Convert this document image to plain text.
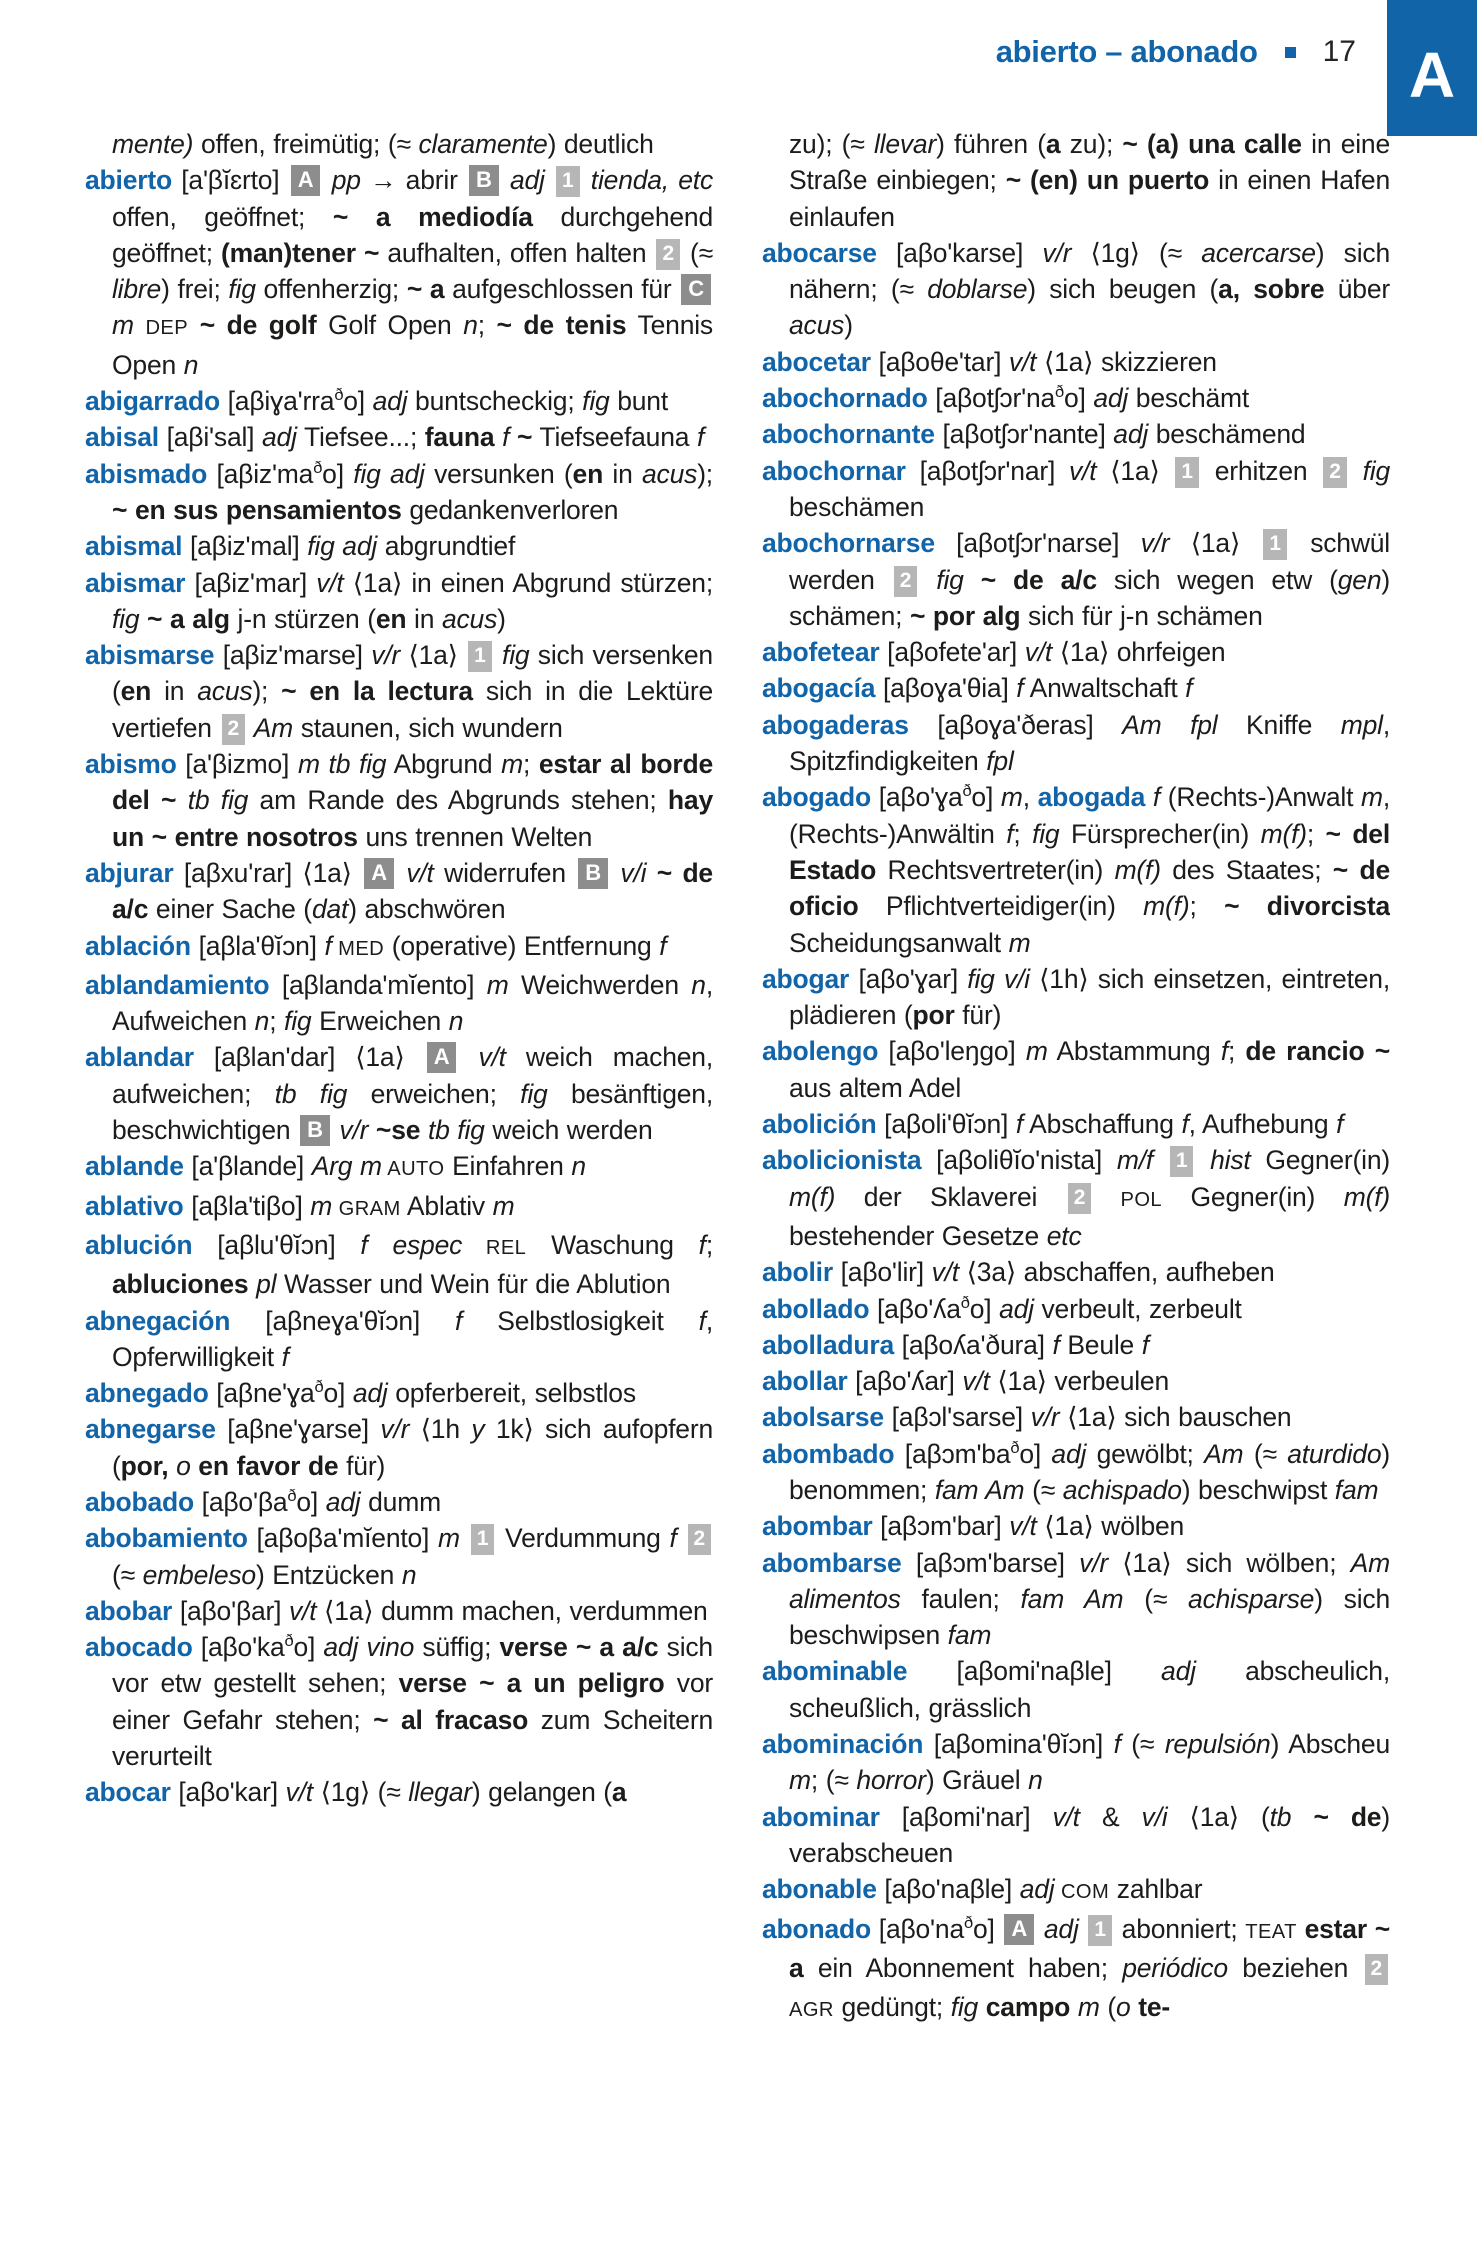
abierto – abonado 17 A

mente) offen, freimütig; (≈ claramente) deutlich

abierto [a'βĭɛrto] A pp → abrir B adj 1 tienda, etc offen, geöffnet; ~ a mediodía durchgehend geöffnet; (man)tener ~ aufhalten, offen halten 2 (≈ libre) frei; fig offenherzig; ~ a aufgeschlossen für C m DEP ~ de golf Golf Open n; ~ de tenis Tennis Open n

abigarrado [aβiɣa'rra$^ð$o] adj buntscheckig; fig bunt

abisal [aβi'sal] adj Tiefsee...; fauna f ~ Tiefseefauna f

abismado $[a\beta iz'ma^ðo]$ fig adj versunken (en in acus); ~ en sus pensamientos gedankenverloren

abismal [aβiz'mal] fig adj abgrundtief

abismar [aβiz'mar] v/t ⟨1a⟩ in einen Abgrund stürzen; fig ~ a alg j-n stürzen (en in acus)

abismarse [aβiz'marse] v/r ⟨1a⟩ 1 fig sich versenken (en in acus); ~ en la lectura sich in die Lektüre vertiefen 2 Am staunen, sich wundern

abismo [a'βizmo] m tb fig Abgrund m; estar al borde del ~ tb fig am Rande des Abgrunds stehen; hay un ~ entre nosotros uns trennen Welten

abjurar [aβxu'rar] ⟨1a⟩ A v/t widerrufen B v/i ~ de a/c einer Sache (dat) abschwören

ablación [aβla'θĭɔn] f MED (operative) Entfernung f

ablandamiento [aβlanda'mĭento] m Weichwerden n, Aufweichen n; fig Erweichen n

ablandar [aβlan'dar] ⟨1a⟩ A v/t weich machen, aufweichen; tb fig erweichen; fig besänftigen, beschwichtigen B v/r ~se tb fig weich werden

ablande [a'βlande] Arg m AUTO Einfahren n

ablativo [aβla'tiβo] m GRAM Ablativ m

ablución [aβlu'θĭɔn] f espec REL Waschung f; abluciones pl Wasser und Wein für die Ablution

abnegación [aβneɣa'θĭɔn] f Selbstlosigkeit f, Opferwilligkeit f

abnegado [aβne'ɣa$^ð$o] adj opferbereit, selbstlos

abnegarse [aβne'ɣarse] v/r ⟨1h y 1k⟩ sich aufopfern (por, o en favor de für)

abobado $[a\beta o'\beta a^ðo]$ adj dumm

abobamiento [aβoβa'mĭento] m 1 Verdummung f 2 (≈ embeleso) Entzücken n

abobar [aβo'βar] v/t ⟨1a⟩ dumm machen, verdummen

abocado $[a\beta o'ka^ðo]$ adj vino süffig; verse ~ a a/c sich vor etw gestellt sehen; verse ~ a un peligro vor einer Gefahr stehen; ~ al fracaso zum Scheitern verurteilt

abocar [aβo'kar] v/t ⟨1g⟩ (≈ llegar) gelangen (a

zu); (≈ llevar) führen (a zu); ~ (a) una calle in eine Straße einbiegen; ~ (en) un puerto in einen Hafen einlaufen

abocarse [aβo'karse] v/r ⟨1g⟩ (≈ acercarse) sich nähern; (≈ doblarse) sich beugen (a, sobre über acus)

abocetar [aβoθe'tar] v/t ⟨1a⟩ skizzieren

abochornado $[a\beta otʃɔr'na^ðo]$ adj beschämt

abochornante [aβotʃɔr'nante] adj beschämend

abochornar [aβotʃɔr'nar] v/t ⟨1a⟩ 1 erhitzen 2 fig beschämen

abochornarse [aβotʃɔr'narse] v/r ⟨1a⟩ 1 schwül werden 2 fig ~ de a/c sich wegen etw (gen) schämen; ~ por alg sich für j-n schämen

abofetear [aβofete'ar] v/t ⟨1a⟩ ohrfeigen

abogacía [aβoɣa'θia] f Anwaltschaft f

abogaderas [aβoɣa'ðeras] Am fpl Kniffe mpl, Spitzfindigkeiten fpl

abogado [aβo'ɣa$^ð$o] m, abogada f (Rechts-)Anwalt m, (Rechts-)Anwältin f; fig Fürsprecher(in) m(f); ~ del Estado Rechtsvertreter(in) m(f) des Staates; ~ de oficio Pflichtverteidiger(in) m(f); ~ divorcista Scheidungsanwalt m

abogar [aβo'ɣar] fig v/i ⟨1h⟩ sich einsetzen, eintreten, plädieren (por für)

abolengo [aβo'leŋgo] m Abstammung f; de rancio ~ aus altem Adel

abolición [aβoli'θĭɔn] f Abschaffung f, Aufhebung f

abolicionista [aβoliθĭo'nista] m/f 1 hist Gegner(in) m(f) der Sklaverei 2 POL Gegner(in) m(f) bestehender Gesetze etc

abolir [aβo'lir] v/t ⟨3a⟩ abschaffen, aufheben

abollado [aβo'ʎa$^ð$o] adj verbeult, zerbeult

abolladura [aβoʎa'ðura] f Beule f

abollar [aβo'ʎar] v/t ⟨1a⟩ verbeulen

abolsarse [aβɔl'sarse] v/r ⟨1a⟩ sich bauschen

abombado $[a\beta ɔm'ba^ðo]$ adj gewölbt; Am (≈ aturdido) benommen; fam Am (≈ achispado) beschwipst fam

abombar [aβɔm'bar] v/t ⟨1a⟩ wölben

abombarse [aβɔm'barse] v/r ⟨1a⟩ sich wölben; Am alimentos faulen; fam Am (≈ achisparse) sich beschwipsen fam

abominable [aβomi'naβle] adj abscheulich, scheußlich, grässlich

abominación [aβomina'θĭɔn] f (≈ repulsión) Abscheu m; (≈ horror) Gräuel n

abominar [aβomi'nar] v/t & v/i ⟨1a⟩ (tb ~ de) verabscheuen

abonable [aβo'naβle] adj COM zahlbar

abonado $[a\beta o'na^ðo]$ A adj 1 abonniert; TEAT estar ~ a ein Abonnement haben; periódico beziehen 2 AGR gedüngt; fig campo m (o te-
